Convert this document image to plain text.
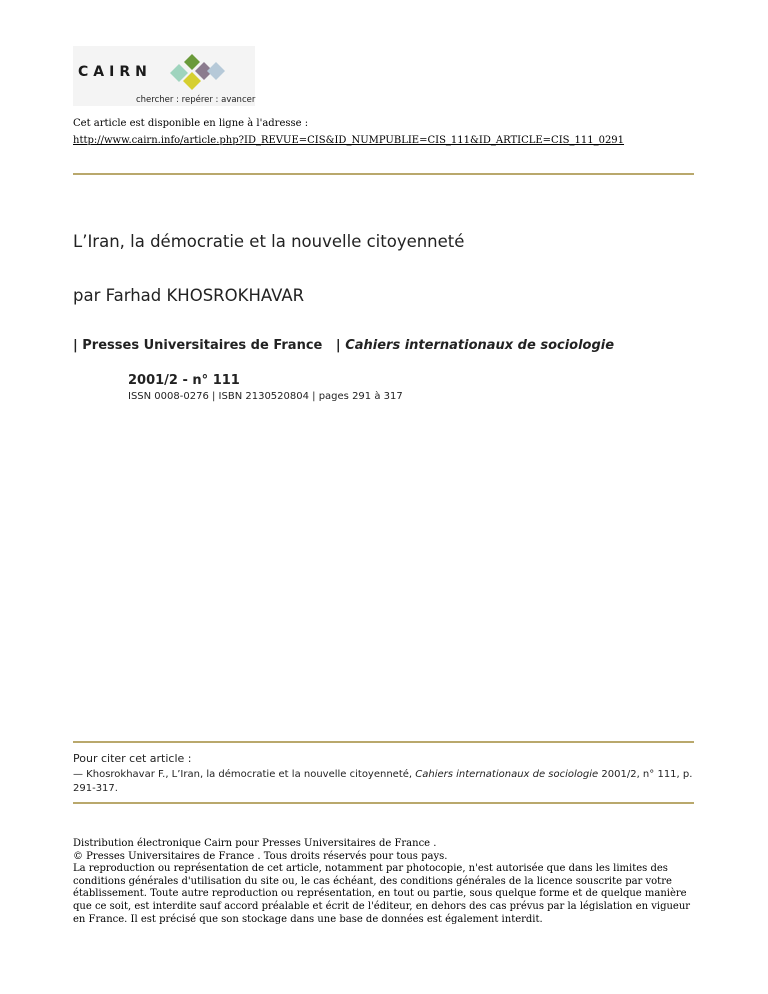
CAIRN
chercher : repérer : avancer
Cet article est disponible en ligne à l'adresse :
http://www.cairn.info/article.php?ID_REVUE=CIS&ID_NUMPUBLIE=CIS_111&ID_ARTICLE=CIS_111_0291
L’Iran, la démocratie et la nouvelle citoyenneté
par Farhad KHOSROKHAVAR
| Presses Universitaires de France | Cahiers internationaux de sociologie
2001/2 - n° 111
ISSN 0008-0276 | ISBN 2130520804 | pages 291 à 317
Pour citer cet article :
— Khosrokhavar F., L’Iran, la démocratie et la nouvelle citoyenneté, Cahiers internationaux de sociologie 2001/2, n° 111, p. 291-317.

Distribution électronique Cairn pour Presses Universitaires de France .

© Presses Universitaires de France . Tous droits réservés pour tous pays.

La reproduction ou représentation de cet article, notamment par photocopie, n'est autorisée que dans les limites des conditions générales d'utilisation du site ou, le cas échéant, des conditions générales de la licence souscrite par votre établissement. Toute autre reproduction ou représentation, en tout ou partie, sous quelque forme et de quelque manière que ce soit, est interdite sauf accord préalable et écrit de l'éditeur, en dehors des cas prévus par la législation en vigueur en France. Il est précisé que son stockage dans une base de données est également interdit.
